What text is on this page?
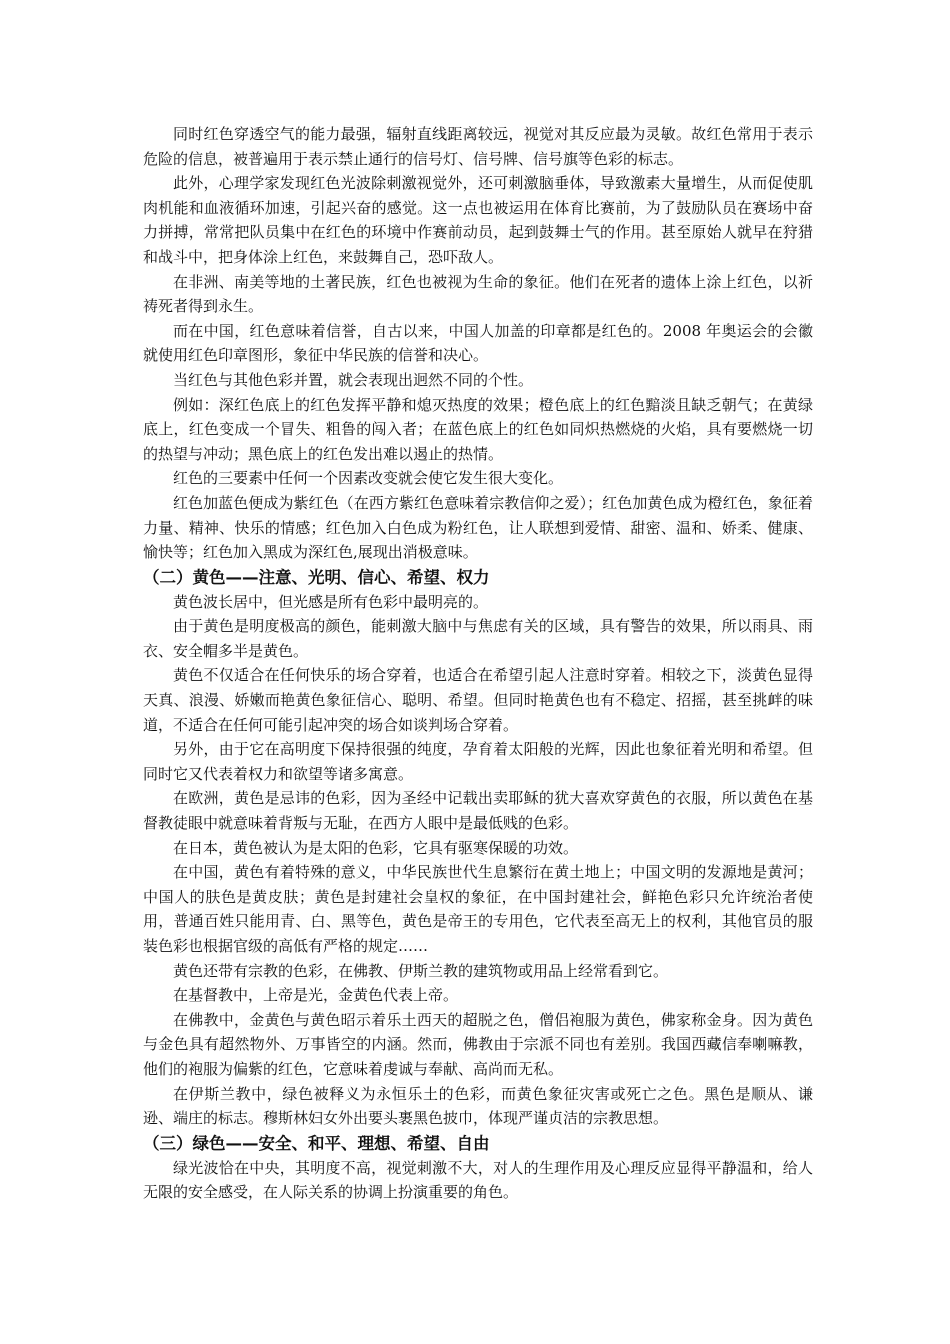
同时红色穿透空气的能力最强，辐射直线距离较远，视觉对其反应最为灵敏。故红色常用于表示危险的信息，被普遍用于表示禁止通行的信号灯、信号牌、信号旗等色彩的标志。

此外，心理学家发现红色光波除刺激视觉外，还可刺激脑垂体，导致激素大量增生，从而促使肌肉机能和血液循环加速，引起兴奋的感觉。这一点也被运用在体育比赛前，为了鼓励队员在赛场中奋力拼搏，常常把队员集中在红色的环境中作赛前动员，起到鼓舞士气的作用。甚至原始人就早在狩猎和战斗中，把身体涂上红色，来鼓舞自己，恐吓敌人。

在非洲、南美等地的土著民族，红色也被视为生命的象征。他们在死者的遗体上涂上红色，以祈祷死者得到永生。

而在中国，红色意味着信誉，自古以来，中国人加盖的印章都是红色的。2008 年奥运会的会徽就使用红色印章图形，象征中华民族的信誉和决心。

当红色与其他色彩并置，就会表现出迥然不同的个性。

例如：深红色底上的红色发挥平静和熄灭热度的效果；橙色底上的红色黯淡且缺乏朝气；在黄绿底上，红色变成一个冒失、粗鲁的闯入者；在蓝色底上的红色如同炽热燃烧的火焰，具有要燃烧一切的热望与冲动；黑色底上的红色发出难以遏止的热情。

红色的三要素中任何一个因素改变就会使它发生很大变化。

红色加蓝色便成为紫红色（在西方紫红色意味着宗教信仰之爱）；红色加黄色成为橙红色，象征着力量、精神、快乐的情感；红色加入白色成为粉红色，让人联想到爱情、甜密、温和、娇柔、健康、愉快等；红色加入黑成为深红色,展现出消极意味。

（二）黄色——注意、光明、信心、希望、权力

黄色波长居中，但光感是所有色彩中最明亮的。

由于黄色是明度极高的颜色，能刺激大脑中与焦虑有关的区域，具有警告的效果，所以雨具、雨衣、安全帽多半是黄色。

黄色不仅适合在任何快乐的场合穿着，也适合在希望引起人注意时穿着。相较之下，淡黄色显得天真、浪漫、娇嫩而艳黄色象征信心、聪明、希望。但同时艳黄色也有不稳定、招摇，甚至挑衅的味道，不适合在任何可能引起冲突的场合如谈判场合穿着。

另外，由于它在高明度下保持很强的纯度，孕育着太阳般的光辉，因此也象征着光明和希望。但同时它又代表着权力和欲望等诸多寓意。

在欧洲，黄色是忌讳的色彩，因为圣经中记载出卖耶稣的犹大喜欢穿黄色的衣服，所以黄色在基督教徒眼中就意味着背叛与无耻，在西方人眼中是最低贱的色彩。

在日本，黄色被认为是太阳的色彩，它具有驱寒保暖的功效。

在中国，黄色有着特殊的意义，中华民族世代生息繁衍在黄土地上；中国文明的发源地是黄河；中国人的肤色是黄皮肤；黄色是封建社会皇权的象征，在中国封建社会，鲜艳色彩只允许统治者使用，普通百姓只能用青、白、黑等色，黄色是帝王的专用色，它代表至高无上的权利，其他官员的服装色彩也根据官级的高低有严格的规定……

黄色还带有宗教的色彩，在佛教、伊斯兰教的建筑物或用品上经常看到它。

在基督教中，上帝是光，金黄色代表上帝。

在佛教中，金黄色与黄色昭示着乐土西天的超脱之色，僧侣袍服为黄色，佛家称金身。因为黄色与金色具有超然物外、万事皆空的内涵。然而，佛教由于宗派不同也有差别。我国西藏信奉喇嘛教，他们的袍服为偏紫的红色，它意味着虔诚与奉献、高尚而无私。

在伊斯兰教中，绿色被释义为永恒乐土的色彩，而黄色象征灾害或死亡之色。黑色是顺从、谦逊、端庄的标志。穆斯林妇女外出要头裹黑色披巾，体现严谨贞洁的宗教思想。

（三）绿色——安全、和平、理想、希望、自由

绿光波恰在中央，其明度不高，视觉刺激不大，对人的生理作用及心理反应显得平静温和，给人无限的安全感受，在人际关系的协调上扮演重要的角色。
